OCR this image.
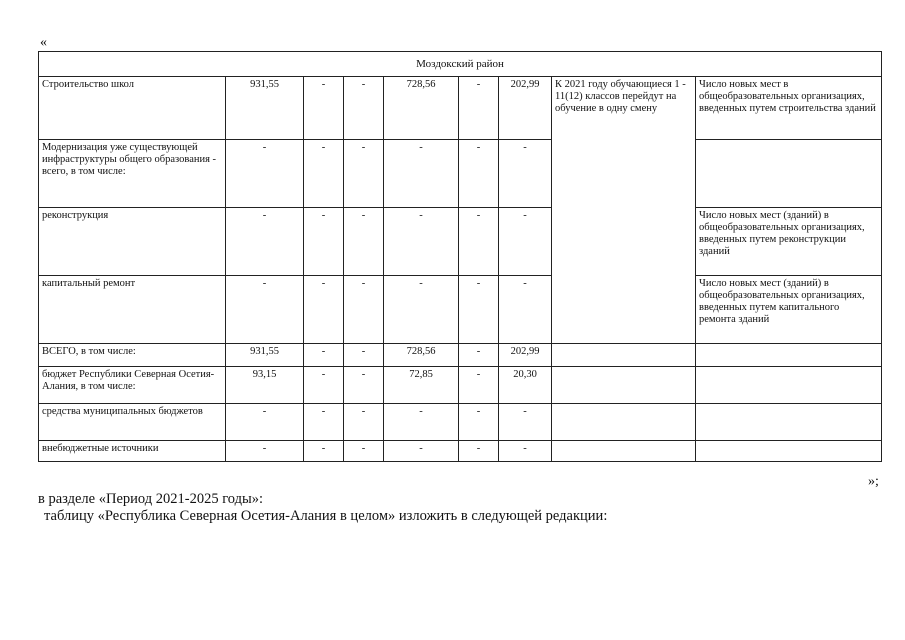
«
Моздокский район								
Строительство школ	931,55	-	-	728,56	-	202,99	К 2021 году обучающиеся 1 - 11(12) классов перейдут на обучение в одну смену	Число новых мест в общеобразовательных организациях, введенных путем строительства зданий
Модернизация уже существующей инфраструктуры общего образования - всего, в том числе:	-	-	-	-	-	-		
реконструкция	-	-	-	-	-	-		Число новых мест (зданий) в общеобразовательных организациях, введенных путем реконструкции зданий
капитальный ремонт	-	-	-	-	-	-		Число новых мест (зданий) в общеобразовательных организациях, введенных путем капитального ремонта зданий
ВСЕГО, в том числе:	931,55	-	-	728,56	-	202,99		
бюджет Республики Северная Осетия-Алания, в том числе:	93,15	-	-	72,85	-	20,30		
средства муниципальных бюджетов	-	-	-	-	-	-		
внебюджетные источники	-	-	-	-	-	-		
»;
в разделе «Период 2021-2025 годы»:
таблицу «Республика Северная Осетия-Алания в целом» изложить в следующей редакции:
